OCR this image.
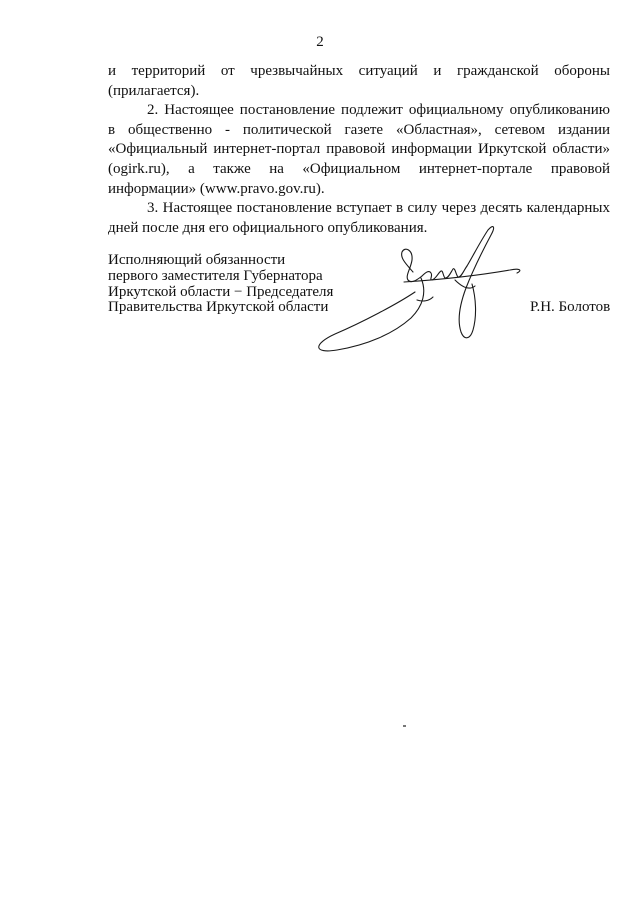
2

и территорий от чрезвычайных ситуаций и гражданской обороны
(прилагается).

2. Настоящее постановление подлежит официальному опубликованию
в общественно - политической газете «Областная», сетевом издании
«Официальный интернет-портал правовой информации Иркутской области»
(ogirk.ru), а также на «Официальном интернет-портале правовой
информации» (www.pravo.gov.ru).

3. Настоящее постановление вступает в силу через десять календарных
дней после дня его официального опубликования.

Исполняющий обязанности
первого заместителя Губернатора
Иркутской области − Председателя
Правительства Иркутской области	Р.Н. Болотов
